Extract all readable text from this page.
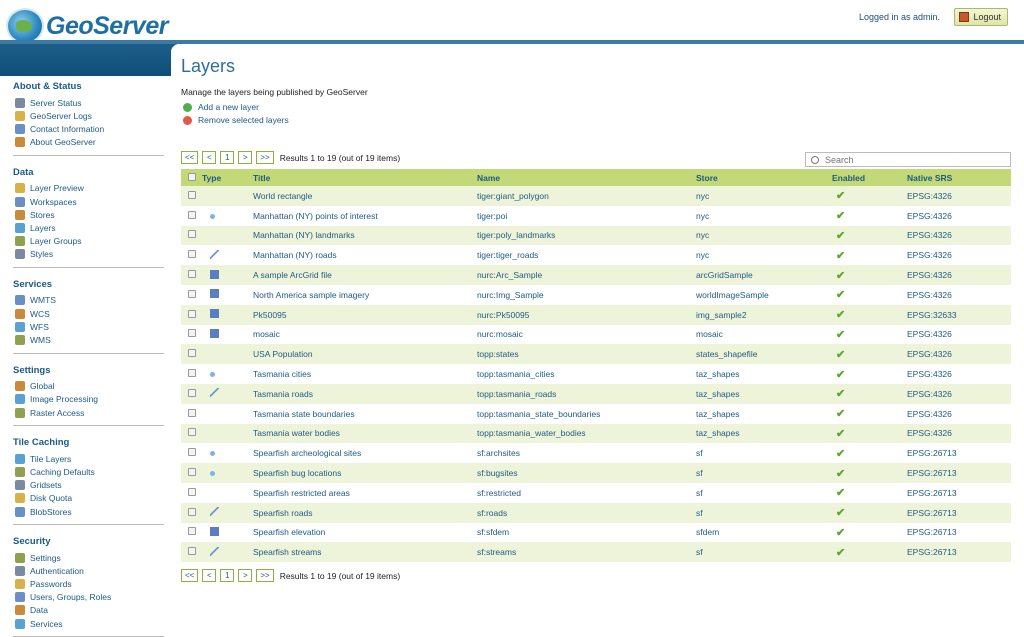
GeoServer	Logged in as admin.	Logout
About & Status
Server Status
GeoServer Logs
Contact Information
About GeoServer
Data
Layer Preview
Workspaces
Stores
Layers
Layer Groups
Styles
Services
WMTS
WCS
WFS
WMS
Settings
Global
Image Processing
Raster Access
Tile Caching
Tile Layers
Caching Defaults
Gridsets
Disk Quota
BlobStores
Security
Settings
Authentication
Passwords
Users, Groups, Roles
Data
Services
Layers
Manage the layers being published by GeoServer
Add a new layer
Remove selected layers
<<	<	1	>	>>	Results 1 to 19 (out of 19 items)
Search
	Type	Title	Name	Store	Enabled	Native SRS
		World rectangle	tiger:giant_polygon	nyc	✔	EPSG:4326
		Manhattan (NY) points of interest	tiger:poi	nyc	✔	EPSG:4326
		Manhattan (NY) landmarks	tiger:poly_landmarks	nyc	✔	EPSG:4326
		Manhattan (NY) roads	tiger:tiger_roads	nyc	✔	EPSG:4326
		A sample ArcGrid file	nurc:Arc_Sample	arcGridSample	✔	EPSG:4326
		North America sample imagery	nurc:Img_Sample	worldImageSample	✔	EPSG:4326
		Pk50095	nurc:Pk50095	img_sample2	✔	EPSG:32633
		mosaic	nurc:mosaic	mosaic	✔	EPSG:4326
		USA Population	topp:states	states_shapefile	✔	EPSG:4326
		Tasmania cities	topp:tasmania_cities	taz_shapes	✔	EPSG:4326
		Tasmania roads	topp:tasmania_roads	taz_shapes	✔	EPSG:4326
		Tasmania state boundaries	topp:tasmania_state_boundaries	taz_shapes	✔	EPSG:4326
		Tasmania water bodies	topp:tasmania_water_bodies	taz_shapes	✔	EPSG:4326
		Spearfish archeological sites	sf:archsites	sf	✔	EPSG:26713
		Spearfish bug locations	sf:bugsites	sf	✔	EPSG:26713
		Spearfish restricted areas	sf:restricted	sf	✔	EPSG:26713
		Spearfish roads	sf:roads	sf	✔	EPSG:26713
		Spearfish elevation	sf:sfdem	sfdem	✔	EPSG:26713
		Spearfish streams	sf:streams	sf	✔	EPSG:26713
<<	<	1	>	>>	Results 1 to 19 (out of 19 items)
